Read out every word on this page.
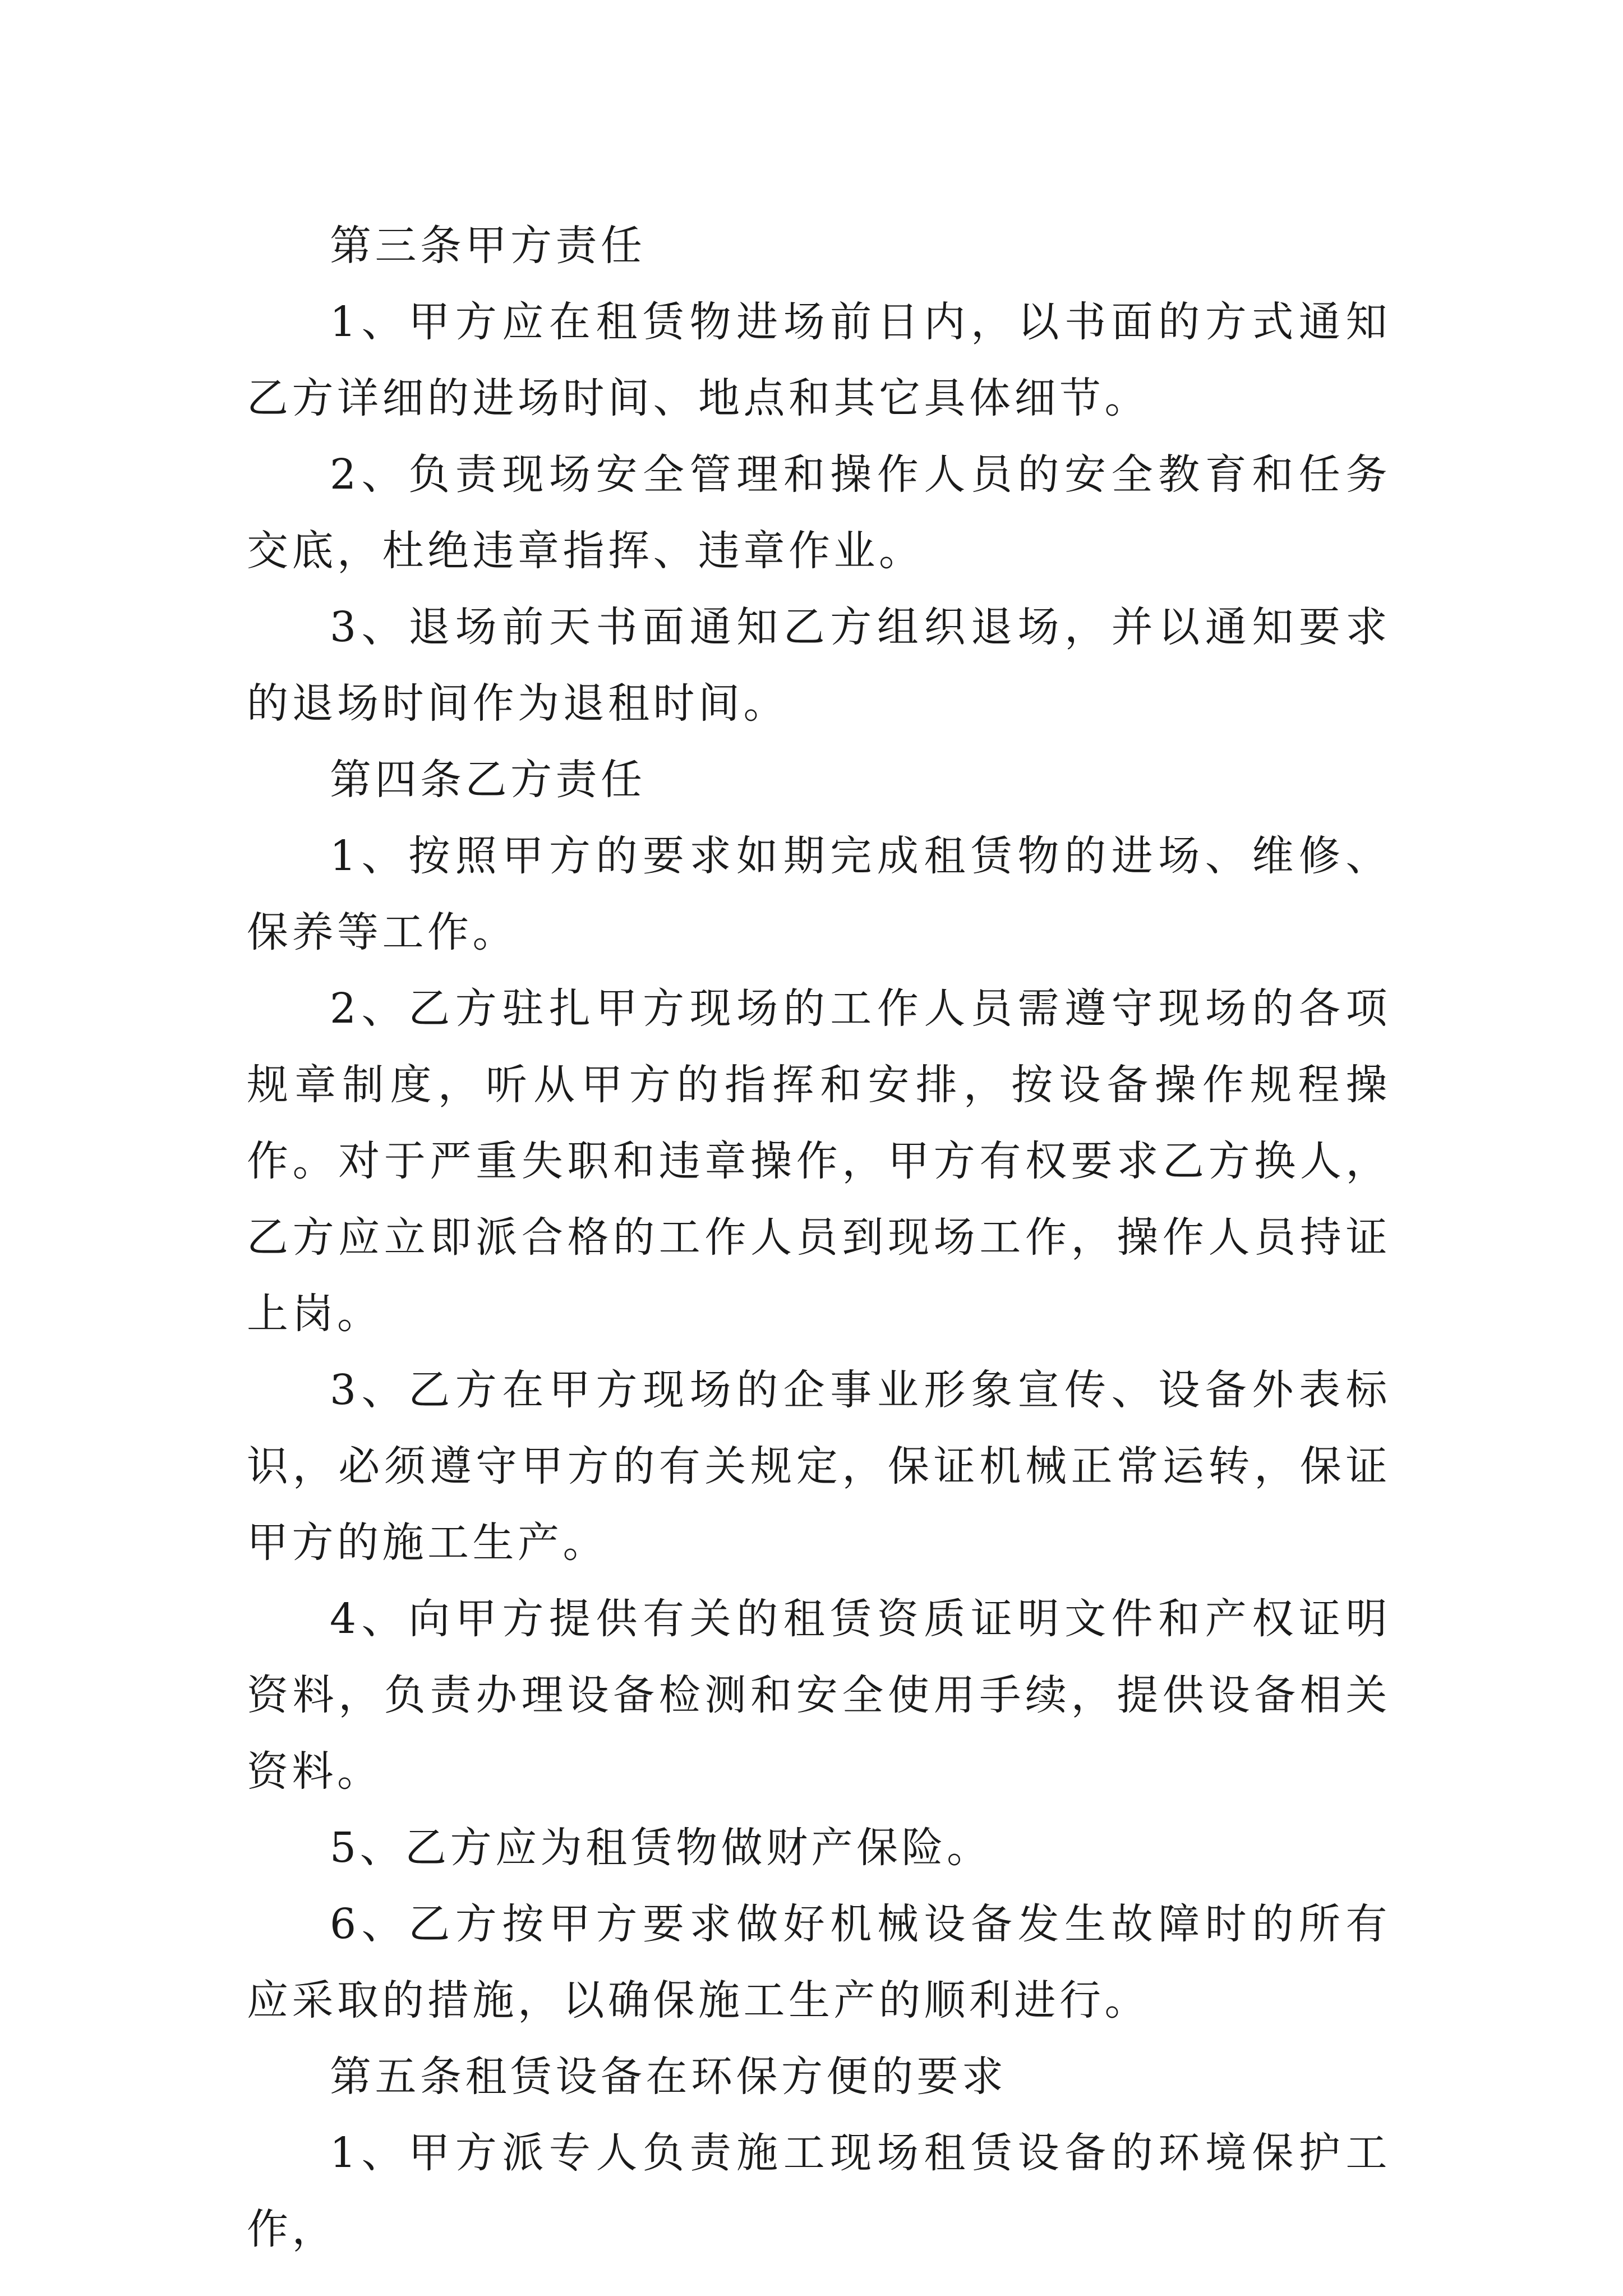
第三条甲方责任

1、甲方应在租赁物进场前日内，以书面的方式通知乙方详细的进场时间、地点和其它具体细节。

2、负责现场安全管理和操作人员的安全教育和任务交底，杜绝违章指挥、违章作业。

3、退场前天书面通知乙方组织退场，并以通知要求的退场时间作为退租时间。

第四条乙方责任

1、按照甲方的要求如期完成租赁物的进场、维修、保养等工作。

2、乙方驻扎甲方现场的工作人员需遵守现场的各项规章制度，听从甲方的指挥和安排，按设备操作规程操作。对于严重失职和违章操作，甲方有权要求乙方换人，乙方应立即派合格的工作人员到现场工作，操作人员持证上岗。

3、乙方在甲方现场的企事业形象宣传、设备外表标识，必须遵守甲方的有关规定，保证机械正常运转，保证甲方的施工生产。

4、向甲方提供有关的租赁资质证明文件和产权证明资料，负责办理设备检测和安全使用手续，提供设备相关资料。

5、乙方应为租赁物做财产保险。

6、乙方按甲方要求做好机械设备发生故障时的所有应采取的措施，以确保施工生产的顺利进行。

第五条租赁设备在环保方便的要求

1、甲方派专人负责施工现场租赁设备的环境保护工作，
